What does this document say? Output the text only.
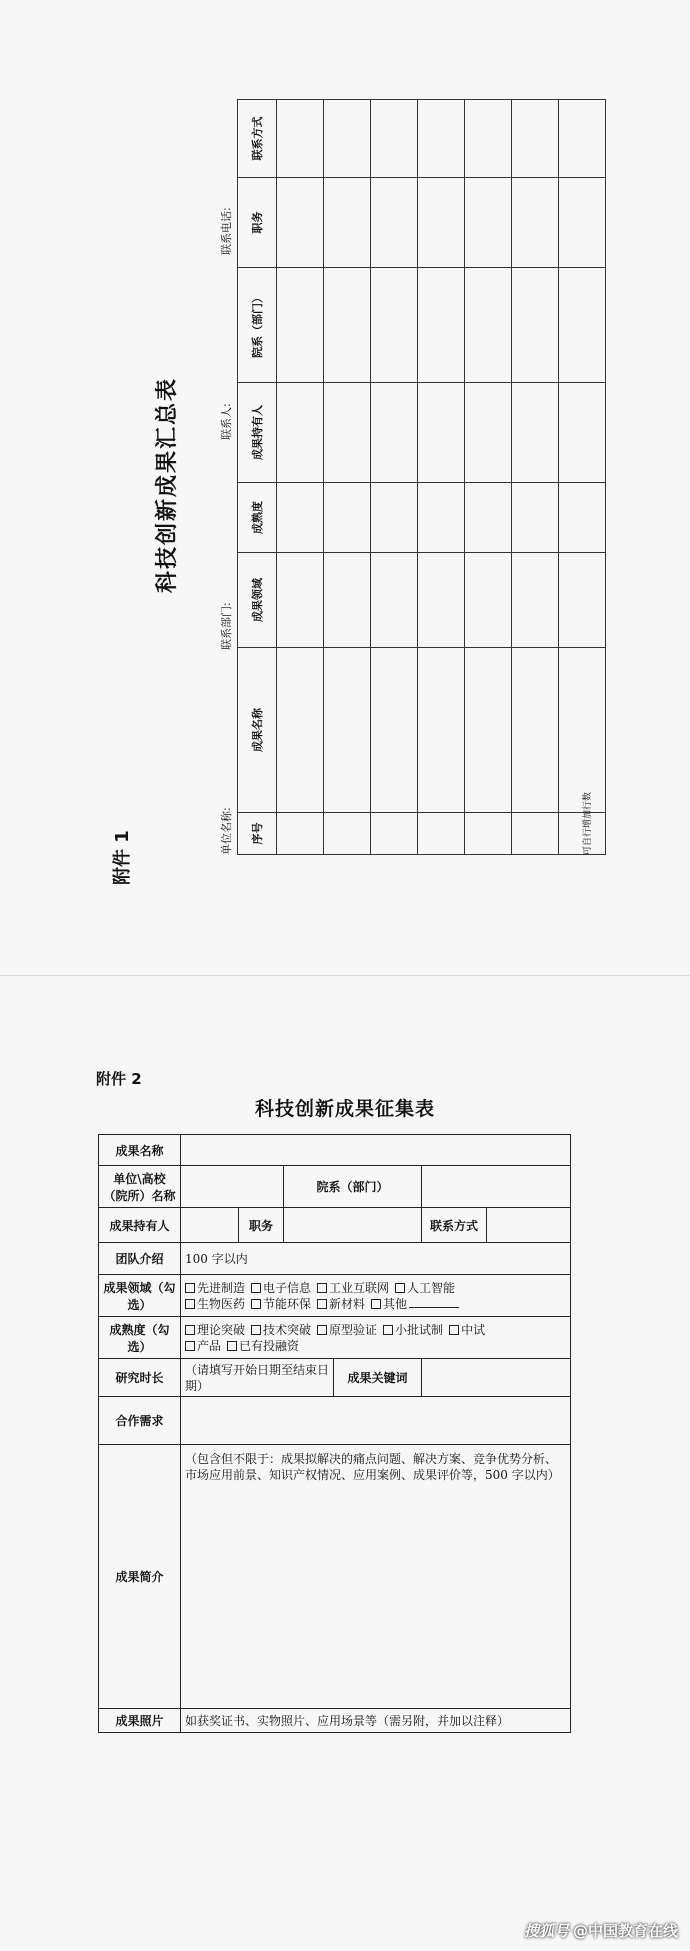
附件 1
科技创新成果汇总表
单位名称:
联系部门:
联系人:
联系电话:
序号	成果名称	成果领域	成熟度	成果持有人	院系（部门）	职务	联系方式

可自行增加行数
附件 2
科技创新成果征集表
成果名称						
单位\高校（院所）名称			院系（部门）			
成果持有人		职务			联系方式	
团队介绍	100 字以内					
成果领域（勾选）	先进制造 电子信息 工业互联网 人工智能
生物医药 节能环保 新材料 其他					

成熟度（勾选）	理论突破 技术突破 原型验证 小批试制 中试
产品 已有投融资					

研究时长	（请填写开始日期至结束日期）			成果关键词		
合作需求						
成果简介	（包含但不限于：成果拟解决的痛点问题、解决方案、竞争优势分析、市场应用前景、知识产权情况、应用案例、成果评价等，500 字以内）					
成果照片	如获奖证书、实物照片、应用场景等（需另附，并加以注释）					
搜狐号 @中国教育在线
